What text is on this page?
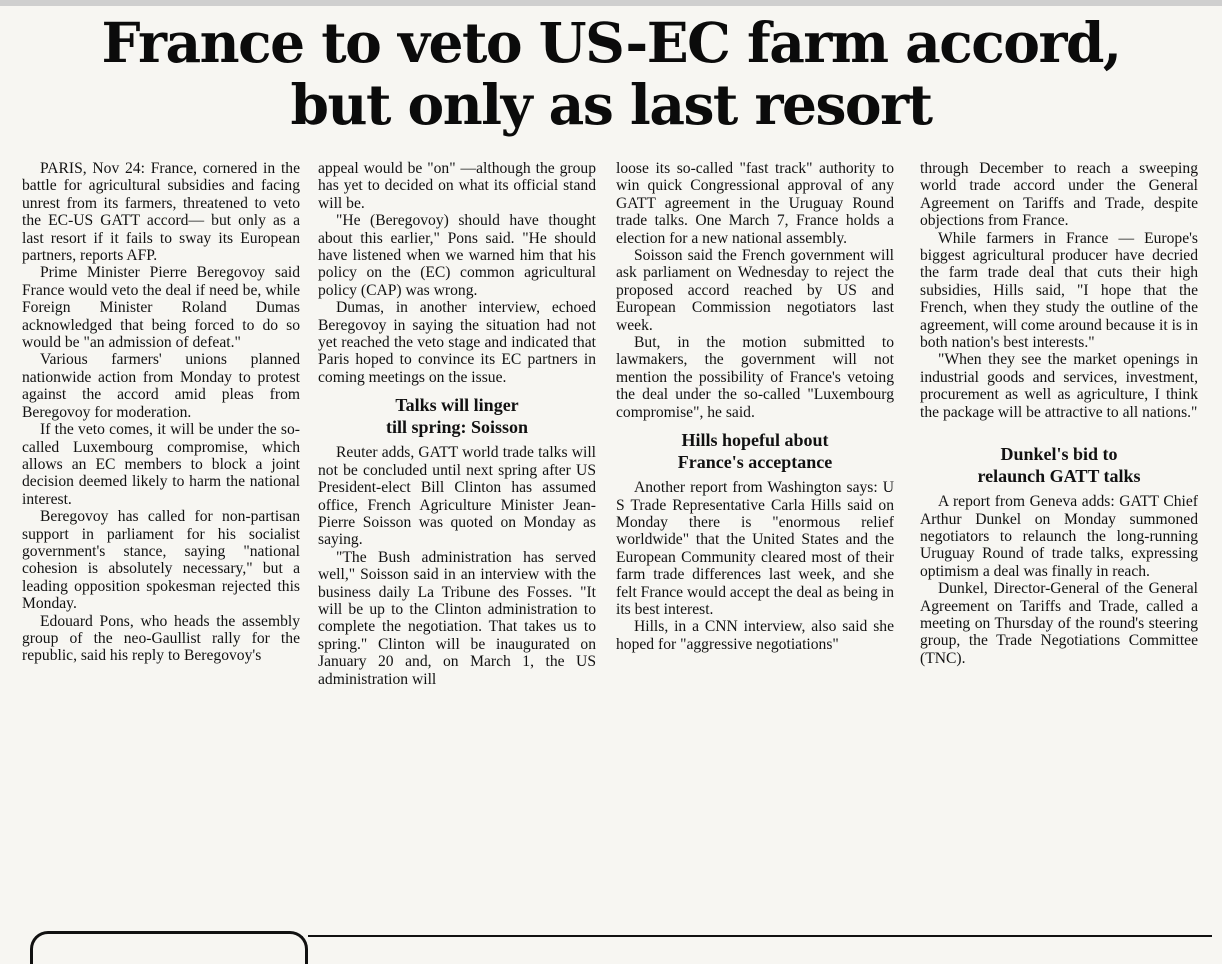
France to veto US-EC farm accord,
but only as last resort

PARIS, Nov 24: France, cornered in the battle for agricultural subsidies and facing unrest from its farmers, threatened to veto the EC-US GATT accord— but only as a last resort if it fails to sway its European partners, reports AFP.

Prime Minister Pierre Beregovoy said France would veto the deal if need be, while Foreign Minister Roland Dumas acknowledged that being forced to do so would be "an admission of defeat."

Various farmers' unions planned nationwide action from Monday to protest against the accord amid pleas from Beregovoy for moderation.

If the veto comes, it will be under the so-called Luxembourg compromise, which allows an EC members to block a joint decision deemed likely to harm the national interest.

Beregovoy has called for non-partisan support in parliament for his socialist government's stance, saying "national cohesion is absolutely necessary," but a leading opposition spokesman rejected this Monday.

Edouard Pons, who heads the assembly group of the neo-Gaullist rally for the republic, said his reply to Beregovoy's

appeal would be "on" —although the group has yet to decided on what its official stand will be.

"He (Beregovoy) should have thought about this earlier," Pons said. "He should have listened when we warned him that his policy on the (EC) common agricultural policy (CAP) was wrong.

Dumas, in another interview, echoed Beregovoy in saying the situation had not yet reached the veto stage and indicated that Paris hoped to convince its EC partners in coming meetings on the issue.

Talks will linger
till spring: Soisson

Reuter adds, GATT world trade talks will not be concluded until next spring after US President-elect Bill Clinton has assumed office, French Agriculture Minister Jean-Pierre Soisson was quoted on Monday as saying.

"The Bush administration has served well," Soisson said in an interview with the business daily La Tribune des Fosses. "It will be up to the Clinton administration to complete the negotiation. That takes us to spring." Clinton will be inaugurated on January 20 and, on March 1, the US administration will

loose its so-called "fast track" authority to win quick Congressional approval of any GATT agreement in the Uruguay Round trade talks. One March 7, France holds a election for a new national assembly.

Soisson said the French government will ask parliament on Wednesday to reject the proposed accord reached by US and European Commission negotiators last week.

But, in the motion submitted to lawmakers, the government will not mention the possibility of France's vetoing the deal under the so-called "Luxembourg compromise", he said.

Hills hopeful about
France's acceptance

Another report from Washington says: U S Trade Representative Carla Hills said on Monday there is "enormous relief worldwide" that the United States and the European Community cleared most of their farm trade differences last week, and she felt France would accept the deal as being in its best interest.

Hills, in a CNN interview, also said she hoped for "aggressive negotiations"

through December to reach a sweeping world trade accord under the General Agreement on Tariffs and Trade, despite objections from France.

While farmers in France — Europe's biggest agricultural producer have decried the farm trade deal that cuts their high subsidies, Hills said, "I hope that the French, when they study the outline of the agreement, will come around because it is in both nation's best interests."

"When they see the market openings in industrial goods and services, investment, procurement as well as agriculture, I think the package will be attractive to all nations."

Dunkel's bid to
relaunch GATT talks

A report from Geneva adds: GATT Chief Arthur Dunkel on Monday summoned negotiators to relaunch the long-running Uruguay Round of trade talks, expressing optimism a deal was finally in reach.

Dunkel, Director-General of the General Agreement on Tariffs and Trade, called a meeting on Thursday of the round's steering group, the Trade Negotiations Committee (TNC).
